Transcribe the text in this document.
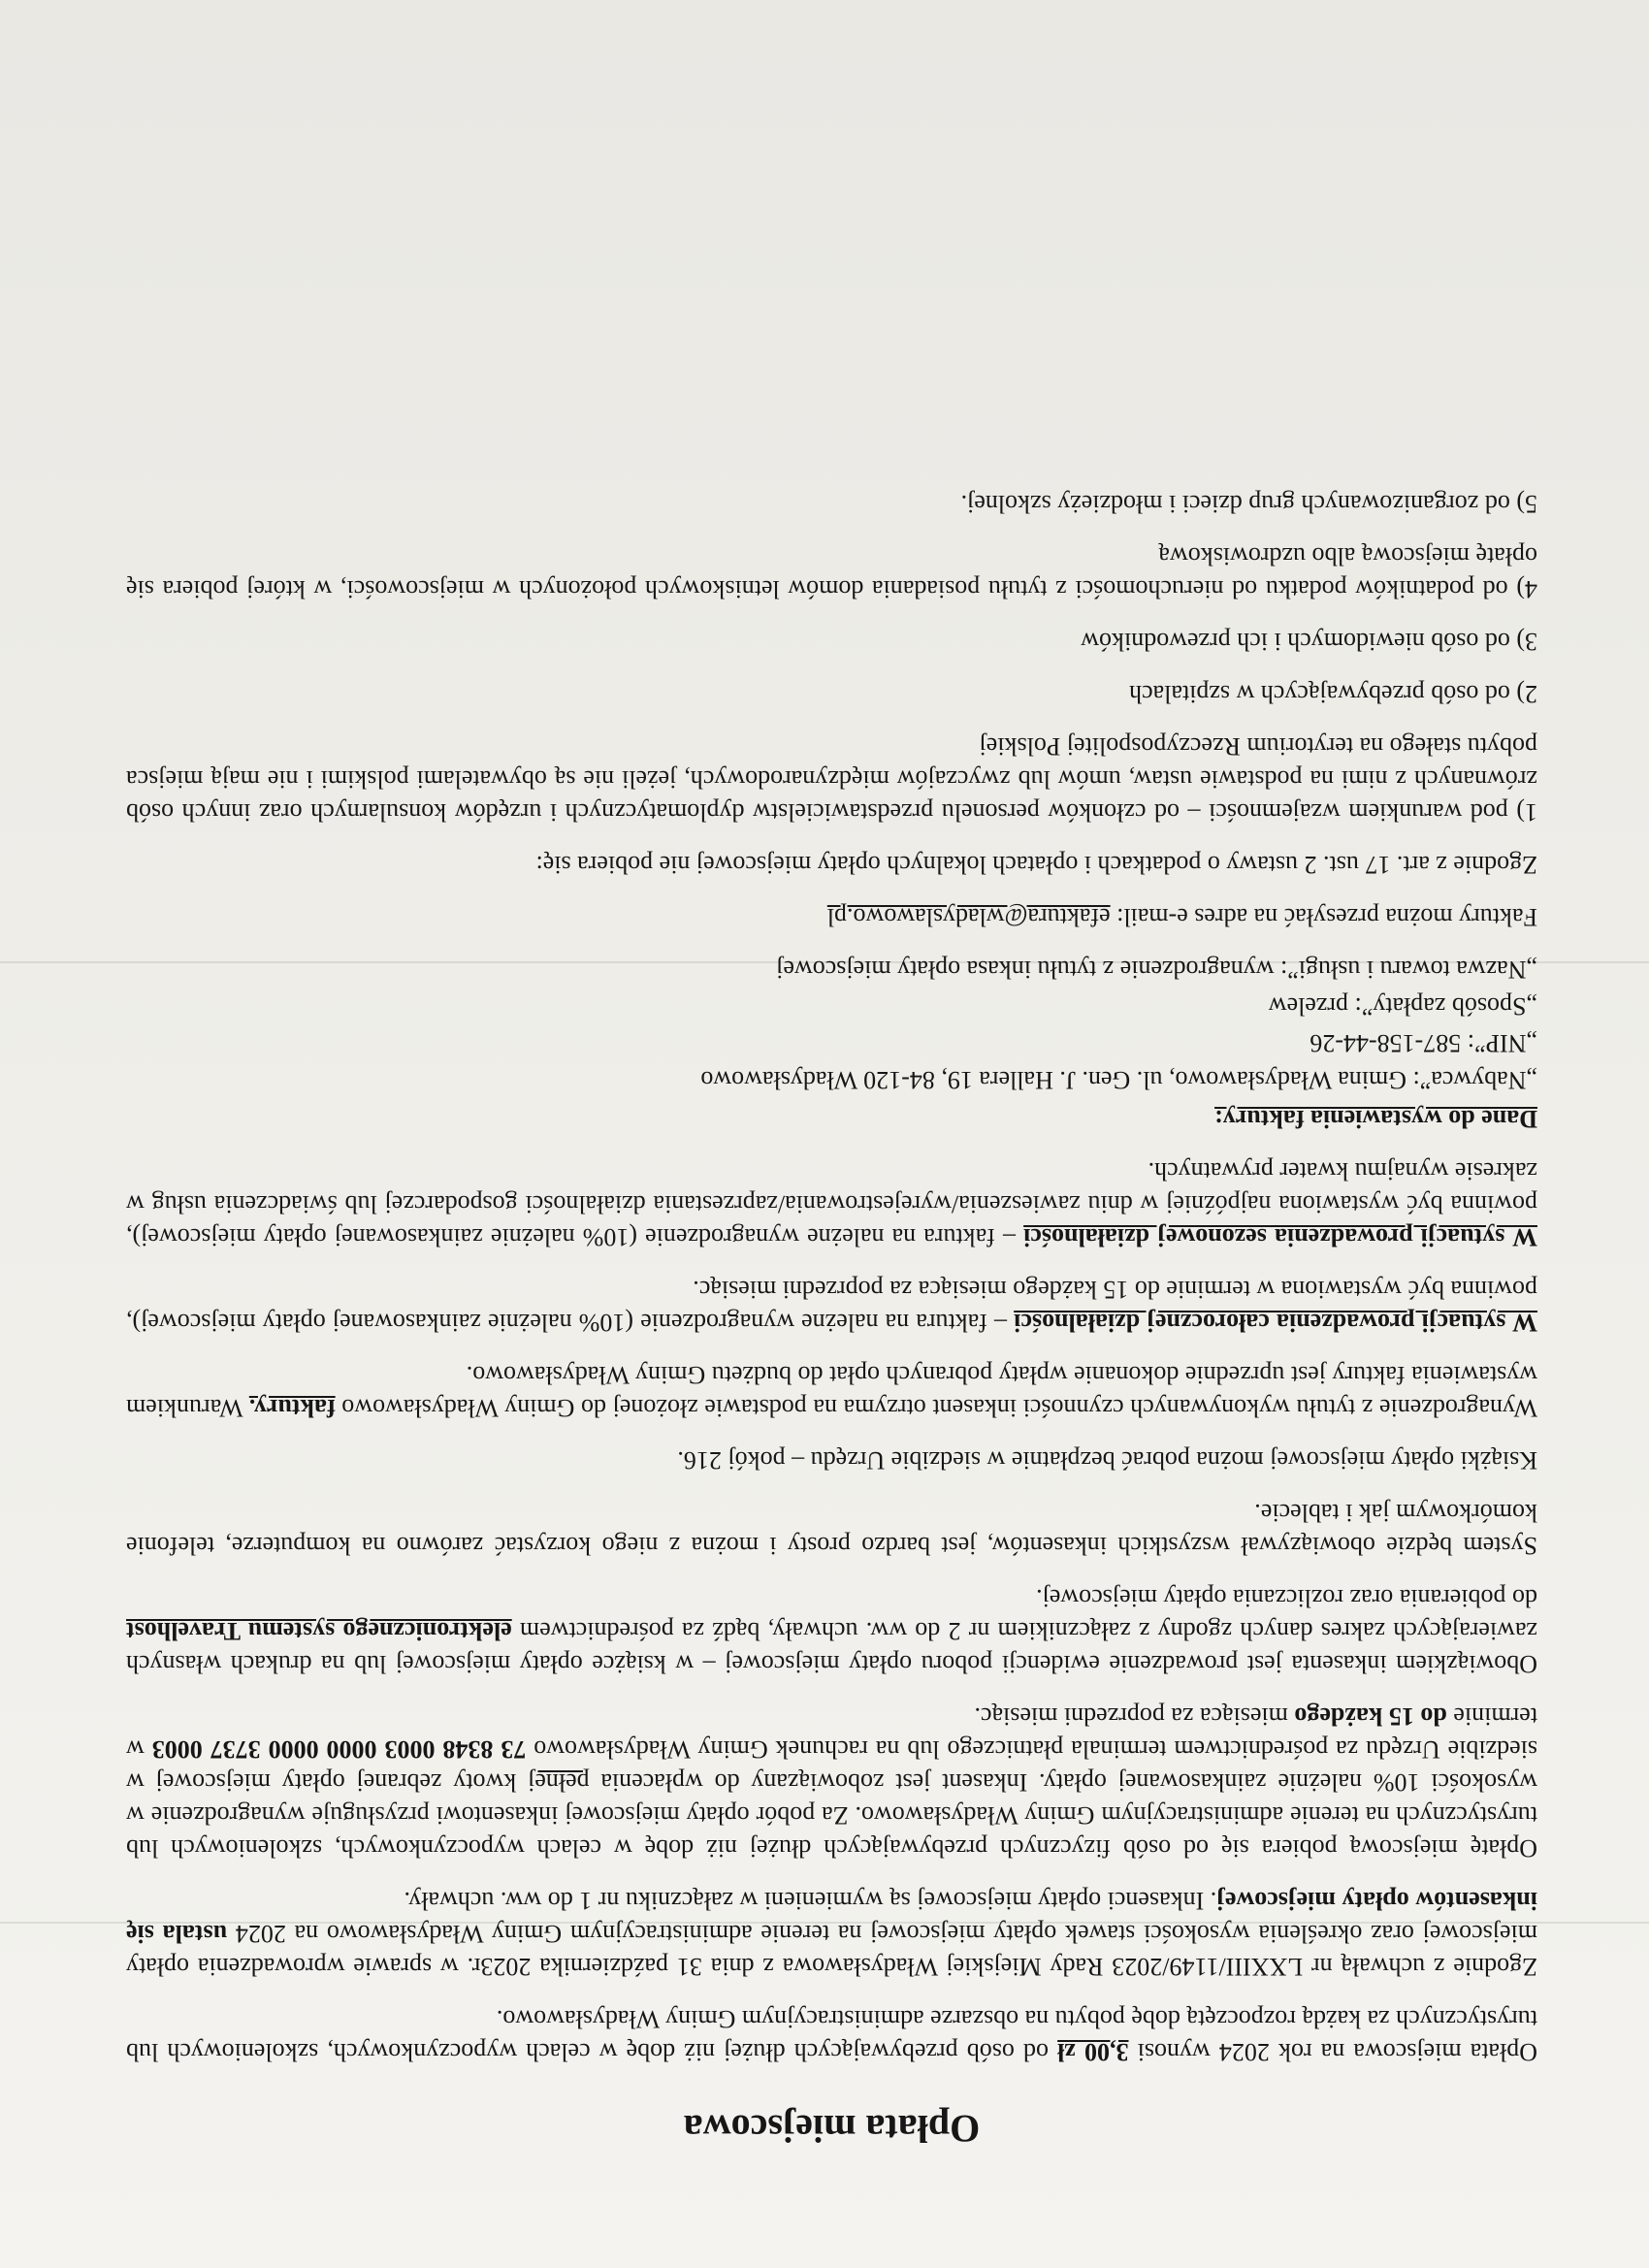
Opłata miejscowa

Opłata miejscowa na rok 2024 wynosi 3,00 zł od osób przebywających dłużej niż dobę w celach wypoczynkowych, szkoleniowych lub turystycznych za każdą rozpoczętą dobę pobytu na obszarze administracyjnym Gminy Władysławowo.

Zgodnie z uchwałą nr LXXIII/1149/2023 Rady Miejskiej Władysławowa z dnia 31 października 2023r. w sprawie wprowadzenia opłaty miejscowej oraz określenia wysokości stawek opłaty miejscowej na terenie administracyjnym Gminy Władysławowo na 2024 ustala się inkasentów opłaty miejscowej. Inkasenci opłaty miejscowej są wymienieni w załączniku nr 1 do ww. uchwały.

Opłatę miejscową pobiera się od osób fizycznych przebywających dłużej niż dobę w celach wypoczynkowych, szkoleniowych lub turystycznych na terenie administracyjnym Gminy Władysławowo. Za pobór opłaty miejscowej inkasentowi przysługuje wynagrodzenie w wysokości 10% należnie zainkasowanej opłaty. Inkasent jest zobowiązany do wpłacenia pełnej kwoty zebranej opłaty miejscowej w siedzibie Urzędu za pośrednictwem terminala płatniczego lub na rachunek Gminy Władysławowo 73 8348 0003 0000 0000 3737 0003 w terminie do 15 każdego miesiąca za poprzedni miesiąc.

Obowiązkiem inkasenta jest prowadzenie ewidencji poboru opłaty miejscowej – w książce opłaty miejscowej lub na drukach własnych zawierających zakres danych zgodny z załącznikiem nr 2 do ww. uchwały, bądź za pośrednictwem elektronicznego systemu Travelhost do pobierania oraz rozliczania opłaty miejscowej.

System będzie obowiązywał wszystkich inkasentów, jest bardzo prosty i można z niego korzystać zarówno na komputerze, telefonie komórkowym jak i tablecie.

Książki opłaty miejscowej można pobrać bezpłatnie w siedzibie Urzędu – pokój 216.

Wynagrodzenie z tytułu wykonywanych czynności inkasent otrzyma na podstawie złożonej do Gminy Władysławowo faktury. Warunkiem wystawienia faktury jest uprzednie dokonanie wpłaty pobranych opłat do budżetu Gminy Władysławowo.

W sytuacji prowadzenia całorocznej działalności – faktura na należne wynagrodzenie (10% należnie zainkasowanej opłaty miejscowej), powinna być wystawiona w terminie do 15 każdego miesiąca za poprzedni miesiąc.

W sytuacji prowadzenia sezonowej działalności – faktura na należne wynagrodzenie (10% należnie zainkasowanej opłaty miejscowej), powinna być wystawiona najpóźniej w dniu zawieszenia/wyrejestrowania/zaprzestania działalności gospodarczej lub świadczenia usług w zakresie wynajmu kwater prywatnych.

Dane do wystawienia faktury:
„Nabywca”: Gmina Władysławowo, ul. Gen. J. Hallera 19, 84-120 Władysławowo
„NIP”: 587-158-44-26
„Sposób zapłaty”: przelew
„Nazwa towaru i usługi”: wynagrodzenie z tytułu inkasa opłaty miejscowej

Faktury można przesyłać na adres e-mail: efaktura@wladyslawowo.pl

Zgodnie z art. 17 ust. 2 ustawy o podatkach i opłatach lokalnych opłaty miejscowej nie pobiera się:

1) pod warunkiem wzajemności – od członków personelu przedstawicielstw dyplomatycznych i urzędów konsularnych oraz innych osób zrównanych z nimi na podstawie ustaw, umów lub zwyczajów międzynarodowych, jeżeli nie są obywatelami polskimi i nie mają miejsca pobytu stałego na terytorium Rzeczypospolitej Polskiej
2) od osób przebywających w szpitalach
3) od osób niewidomych i ich przewodników
4) od podatników podatku od nieruchomości z tytułu posiadania domów letniskowych położonych w miejscowości, w której pobiera się opłatę miejscową albo uzdrowiskową
5) od zorganizowanych grup dzieci i młodzieży szkolnej.
